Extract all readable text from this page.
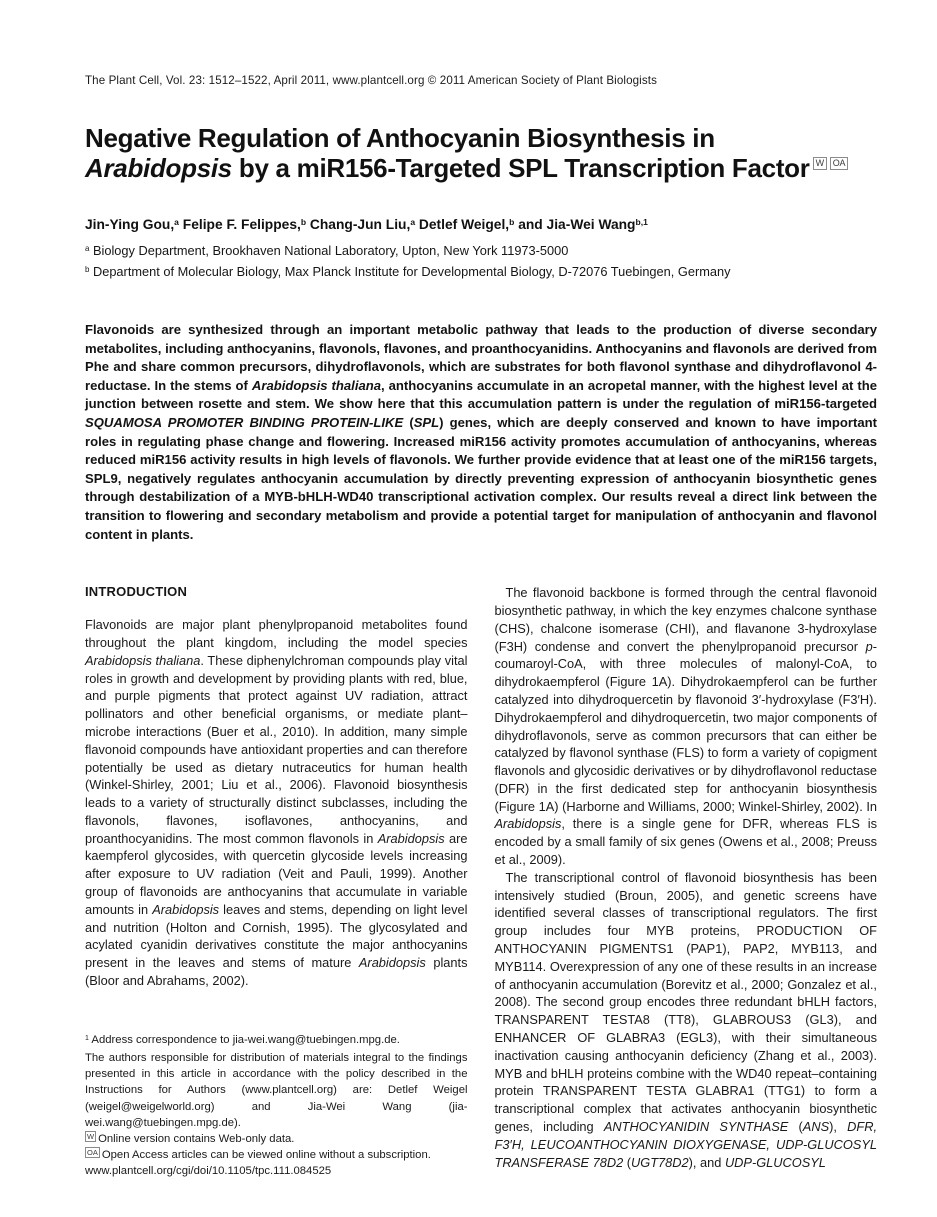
The Plant Cell, Vol. 23: 1512–1522, April 2011, www.plantcell.org © 2011 American Society of Plant Biologists
Negative Regulation of Anthocyanin Biosynthesis in
Arabidopsis by a miR156-Targeted SPL Transcription Factor W OA
Jin-Ying Gou,$^a$ Felipe F. Felippes,$^b$ Chang-Jun Liu,$^a$ Detlef Weigel,$^b$ and Jia-Wei Wang$^{b,1}$
$^a$ Biology Department, Brookhaven National Laboratory, Upton, New York 11973-5000
$^b$ Department of Molecular Biology, Max Planck Institute for Developmental Biology, D-72076 Tuebingen, Germany
Flavonoids are synthesized through an important metabolic pathway that leads to the production of diverse secondary metabolites, including anthocyanins, flavonols, flavones, and proanthocyanidins. Anthocyanins and flavonols are derived from Phe and share common precursors, dihydroflavonols, which are substrates for both flavonol synthase and dihydroflavonol 4-reductase. In the stems of Arabidopsis thaliana, anthocyanins accumulate in an acropetal manner, with the highest level at the junction between rosette and stem. We show here that this accumulation pattern is under the regulation of miR156-targeted SQUAMOSA PROMOTER BINDING PROTEIN-LIKE (SPL) genes, which are deeply conserved and known to have important roles in regulating phase change and flowering. Increased miR156 activity promotes accumulation of anthocyanins, whereas reduced miR156 activity results in high levels of flavonols. We further provide evidence that at least one of the miR156 targets, SPL9, negatively regulates anthocyanin accumulation by directly preventing expression of anthocyanin biosynthetic genes through destabilization of a MYB-bHLH-WD40 transcriptional activation complex. Our results reveal a direct link between the transition to flowering and secondary metabolism and provide a potential target for manipulation of anthocyanin and flavonol content in plants.
INTRODUCTION

Flavonoids are major plant phenylpropanoid metabolites found throughout the plant kingdom, including the model species Arabidopsis thaliana. These diphenylchroman compounds play vital roles in growth and development by providing plants with red, blue, and purple pigments that protect against UV radiation, attract pollinators and other beneficial organisms, or mediate plant–microbe interactions (Buer et al., 2010). In addition, many simple flavonoid compounds have antioxidant properties and can therefore potentially be used as dietary nutraceutics for human health (Winkel-Shirley, 2001; Liu et al., 2006). Flavonoid biosynthesis leads to a variety of structurally distinct subclasses, including the flavonols, flavones, isoflavones, anthocyanins, and proanthocyanidins. The most common flavonols in Arabidopsis are kaempferol glycosides, with quercetin glycoside levels increasing after exposure to UV radiation (Veit and Pauli, 1999). Another group of flavonoids are anthocyanins that accumulate in variable amounts in Arabidopsis leaves and stems, depending on light level and nutrition (Holton and Cornish, 1995). The glycosylated and acylated cyanidin derivatives constitute the major anthocyanins present in the leaves and stems of mature Arabidopsis plants (Bloor and Abrahams, 2002).

$^1$ Address correspondence to jia-wei.wang@tuebingen.mpg.de.

The authors responsible for distribution of materials integral to the findings presented in this article in accordance with the policy described in the Instructions for Authors (www.plantcell.org) are: Detlef Weigel (weigel@weigelworld.org) and Jia-Wei Wang (jia-wei.wang@tuebingen.mpg.de).

W Online version contains Web-only data.

OA Open Access articles can be viewed online without a subscription.

www.plantcell.org/cgi/doi/10.1105/tpc.111.084525

The flavonoid backbone is formed through the central flavonoid biosynthetic pathway, in which the key enzymes chalcone synthase (CHS), chalcone isomerase (CHI), and flavanone 3-hydroxylase (F3H) condense and convert the phenylpropanoid precursor p-coumaroyl-CoA, with three molecules of malonyl-CoA, to dihydrokaempferol (Figure 1A). Dihydrokaempferol can be further catalyzed into dihydroquercetin by flavonoid 3′-hydroxylase (F3′H). Dihydrokaempferol and dihydroquercetin, two major components of dihydroflavonols, serve as common precursors that can either be catalyzed by flavonol synthase (FLS) to form a variety of copigment flavonols and glycosidic derivatives or by dihydroflavonol reductase (DFR) in the first dedicated step for anthocyanin biosynthesis (Figure 1A) (Harborne and Williams, 2000; Winkel-Shirley, 2002). In Arabidopsis, there is a single gene for DFR, whereas FLS is encoded by a small family of six genes (Owens et al., 2008; Preuss et al., 2009).

The transcriptional control of flavonoid biosynthesis has been intensively studied (Broun, 2005), and genetic screens have identified several classes of transcriptional regulators. The first group includes four MYB proteins, PRODUCTION OF ANTHOCYANIN PIGMENTS1 (PAP1), PAP2, MYB113, and MYB114. Overexpression of any one of these results in an increase of anthocyanin accumulation (Borevitz et al., 2000; Gonzalez et al., 2008). The second group encodes three redundant bHLH factors, TRANSPARENT TESTA8 (TT8), GLABROUS3 (GL3), and ENHANCER OF GLABRA3 (EGL3), with their simultaneous inactivation causing anthocyanin deficiency (Zhang et al., 2003). MYB and bHLH proteins combine with the WD40 repeat–containing protein TRANSPARENT TESTA GLABRA1 (TTG1) to form a transcriptional complex that activates anthocyanin biosynthetic genes, including ANTHOCYANIDIN SYNTHASE (ANS), DFR, F3′H, LEUCOANTHOCYANIN DIOXYGENASE, UDP-GLUCOSYL TRANSFERASE 78D2 (UGT78D2), and UDP-GLUCOSYL
